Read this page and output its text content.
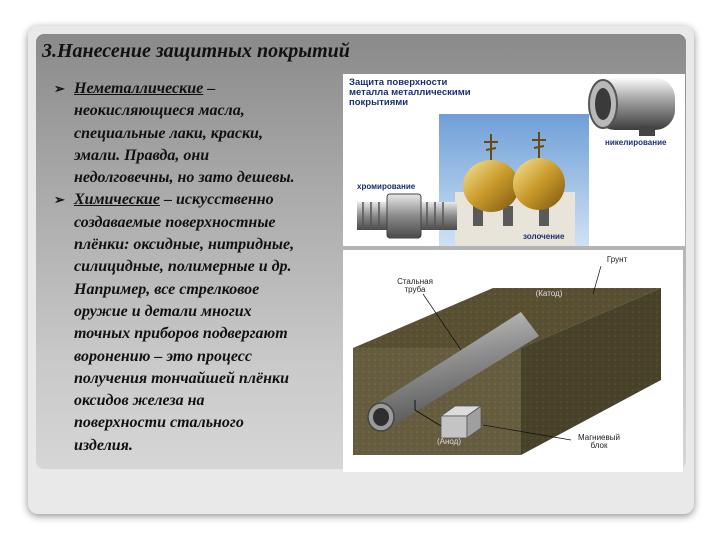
3.Нанесение защитных покрытий
➢ Неметаллические –
неокисляющиеся масла,
специальные лаки, краски,
эмали. Правда, они
недолговечны, но зато дешевы.
➢ Химические – искусственно
создаваемые поверхностные
плёнки: оксидные, нитридные,
силицидные, полимерные и др.
Например, все стрелковое
оружие и детали многих
точных приборов подвергают
воронению – это процесс
получения тончайшей плёнки
оксидов железа на
поверхности стального
изделия.
Защита поверхности
металла металлическими
покрытиями
никелирование
хромирование
золочение
Грунт
Стальная
труба	(Катод)
(Анод)	Магниевый
блок
